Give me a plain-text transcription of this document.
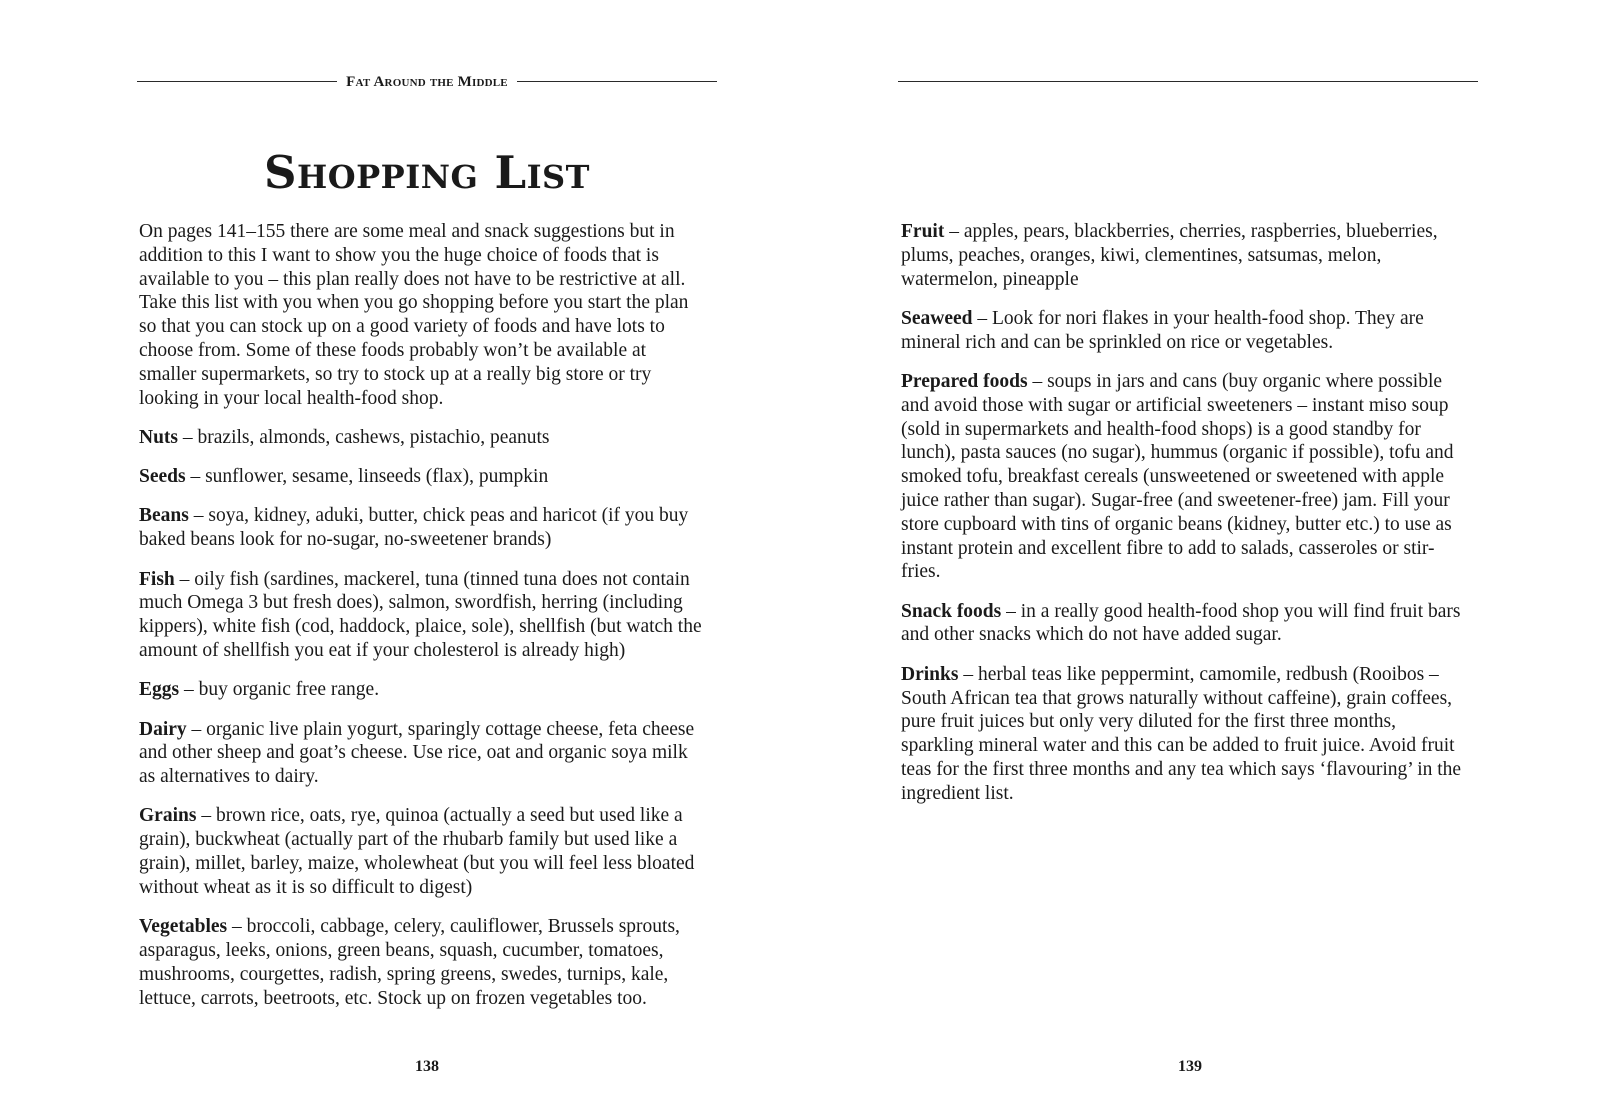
Fat Around the Middle
Shopping List

On pages 141–155 there are some meal and snack suggestions but in addition to this I want to show you the huge choice of foods that is available to you – this plan really does not have to be restrictive at all. Take this list with you when you go shopping before you start the plan so that you can stock up on a good variety of foods and have lots to choose from. Some of these foods probably won’t be available at smaller supermarkets, so try to stock up at a really big store or try looking in your local health-food shop.

Nuts – brazils, almonds, cashews, pistachio, peanuts

Seeds – sunflower, sesame, linseeds (flax), pumpkin

Beans – soya, kidney, aduki, butter, chick peas and haricot (if you buy baked beans look for no-sugar, no-sweetener brands)

Fish – oily fish (sardines, mackerel, tuna (tinned tuna does not contain much Omega 3 but fresh does), salmon, swordfish, herring (including kippers), white fish (cod, haddock, plaice, sole), shellfish (but watch the amount of shellfish you eat if your cholesterol is already high)

Eggs – buy organic free range.

Dairy – organic live plain yogurt, sparingly cottage cheese, feta cheese and other sheep and goat’s cheese. Use rice, oat and organic soya milk as alternatives to dairy.

Grains – brown rice, oats, rye, quinoa (actually a seed but used like a grain), buckwheat (actually part of the rhubarb family but used like a grain), millet, barley, maize, wholewheat (but you will feel less bloated without wheat as it is so difficult to digest)

Vegetables – broccoli, cabbage, celery, cauliflower, Brussels sprouts, asparagus, leeks, onions, green beans, squash, cucumber, tomatoes, mushrooms, courgettes, radish, spring greens, swedes, turnips, kale, lettuce, carrots, beetroots, etc. Stock up on frozen vegetables too.

138

Fruit – apples, pears, blackberries, cherries, raspberries, blueberries, plums, peaches, oranges, kiwi, clementines, satsumas, melon, watermelon, pineapple

Seaweed – Look for nori flakes in your health-food shop. They are mineral rich and can be sprinkled on rice or vegetables.

Prepared foods – soups in jars and cans (buy organic where possible and avoid those with sugar or artificial sweeteners – instant miso soup (sold in supermarkets and health-food shops) is a good standby for lunch), pasta sauces (no sugar), hummus (organic if possible), tofu and smoked tofu, breakfast cereals (unsweetened or sweetened with apple juice rather than sugar). Sugar-free (and sweetener-free) jam. Fill your store cupboard with tins of organic beans (kidney, butter etc.) to use as instant protein and excellent fibre to add to salads, casseroles or stir-fries.

Snack foods – in a really good health-food shop you will find fruit bars and other snacks which do not have added sugar.

Drinks – herbal teas like peppermint, camomile, redbush (Rooibos – South African tea that grows naturally without caffeine), grain coffees, pure fruit juices but only very diluted for the first three months, sparkling mineral water and this can be added to fruit juice. Avoid fruit teas for the first three months and any tea which says ‘flavouring’ in the ingredient list.

139
